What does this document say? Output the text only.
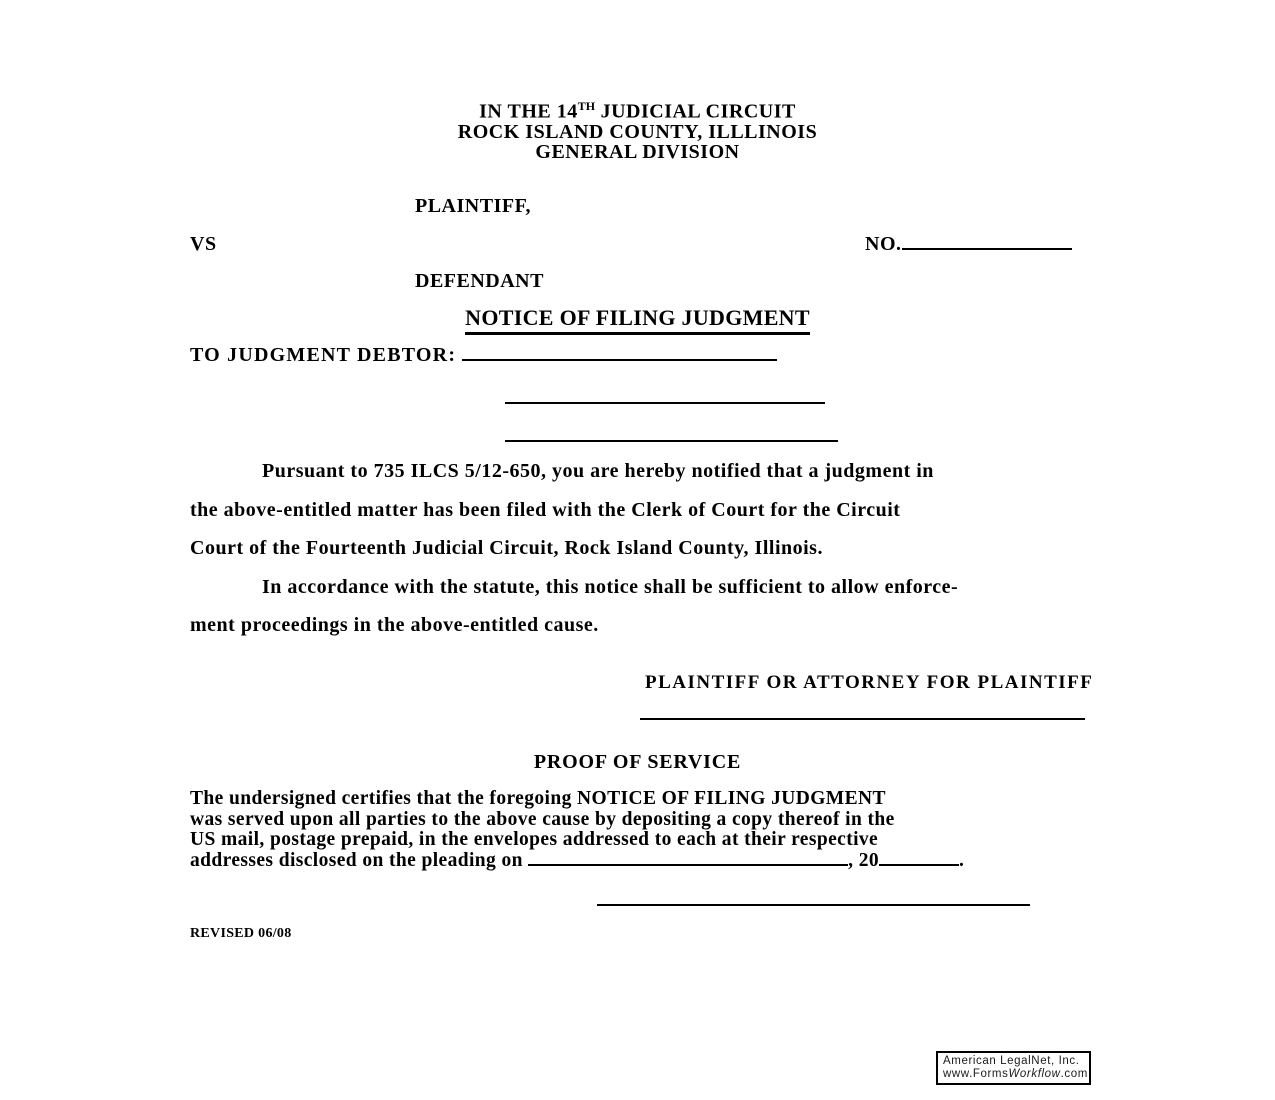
IN THE 14TH JUDICIAL CIRCUIT
ROCK ISLAND COUNTY, ILLLINOIS
GENERAL DIVISION
PLAINTIFF,
VS	NO.
DEFENDANT
NOTICE OF FILING JUDGMENT
TO JUDGMENT DEBTOR:
Pursuant to 735 ILCS 5/12-650, you are hereby notified that a judgment in
the above-entitled matter has been filed with the Clerk of Court for the Circuit
Court of the Fourteenth Judicial Circuit, Rock Island County, Illinois.
In accordance with the statute, this notice shall be sufficient to allow enforce-
ment proceedings in the above-entitled cause.
PLAINTIFF OR ATTORNEY FOR PLAINTIFF
PROOF OF SERVICE
The undersigned certifies that the foregoing NOTICE OF FILING JUDGMENT
was served upon all parties to the above cause by depositing a copy thereof in the
US mail, postage prepaid, in the envelopes addressed to each at their respective
addresses disclosed on the pleading on	, 20	.
REVISED 06/08
American LegalNet, Inc.
www.FormsWorkflow.com
